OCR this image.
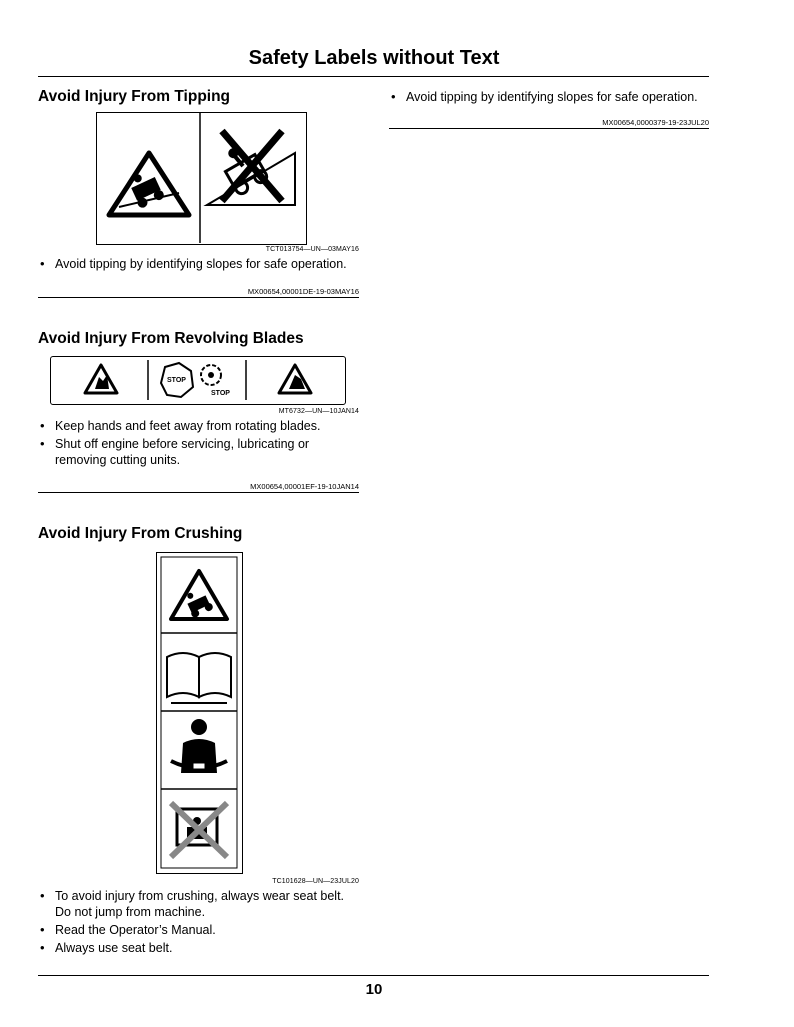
Safety Labels without Text
Avoid Injury From Tipping
TCT013754—UN—03MAY16
• Avoid tipping by identifying slopes for safe operation.
MX00654,00001DE-19-03MAY16
Avoid Injury From Revolving Blades
STOP
STOP
MT6732—UN—10JAN14
• Keep hands and feet away from rotating blades.
• Shut off engine before servicing, lubricating or removing cutting units.
MX00654,00001EF-19-10JAN14
Avoid Injury From Crushing
TC101628—UN—23JUL20
• To avoid injury from crushing, always wear seat belt. Do not jump from machine.
• Read the Operator’s Manual.
• Always use seat belt.
• Avoid tipping by identifying slopes for safe operation.
MX00654,0000379-19-23JUL20
10
